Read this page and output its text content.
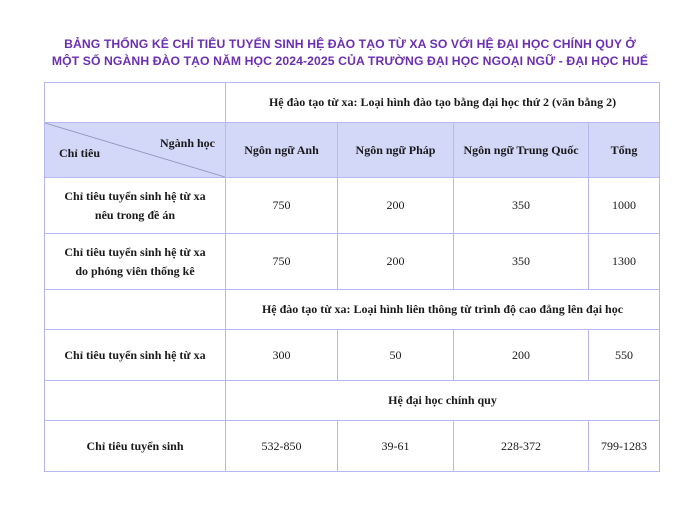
BẢNG THỐNG KÊ CHỈ TIÊU TUYỂN SINH HỆ ĐÀO TẠO TỪ XA SO VỚI HỆ ĐẠI HỌC CHÍNH QUY Ở
MỘT SỐ NGÀNH ĐÀO TẠO NĂM HỌC 2024-2025 CỦA TRƯỜNG ĐẠI HỌC NGOẠI NGỮ - ĐẠI HỌC HUẾ
	Hệ đào tạo từ xa: Loại hình đào tạo bằng đại học thứ 2 (văn bằng 2)			

Ngành học
Chỉ tiêu	Ngôn ngữ Anh	Ngôn ngữ Pháp	Ngôn ngữ Trung Quốc	Tổng
Chỉ tiêu tuyển sinh hệ từ xa
nêu trong đề án	750	200	350	1000
Chỉ tiêu tuyển sinh hệ từ xa
do phóng viên thống kê	750	200	350	1300
	Hệ đào tạo từ xa: Loại hình liên thông từ trình độ cao đẳng lên đại học			
Chỉ tiêu tuyển sinh hệ từ xa	300	50	200	550
	Hệ đại học chính quy			
Chỉ tiêu tuyển sinh	532-850	39-61	228-372	799-1283
